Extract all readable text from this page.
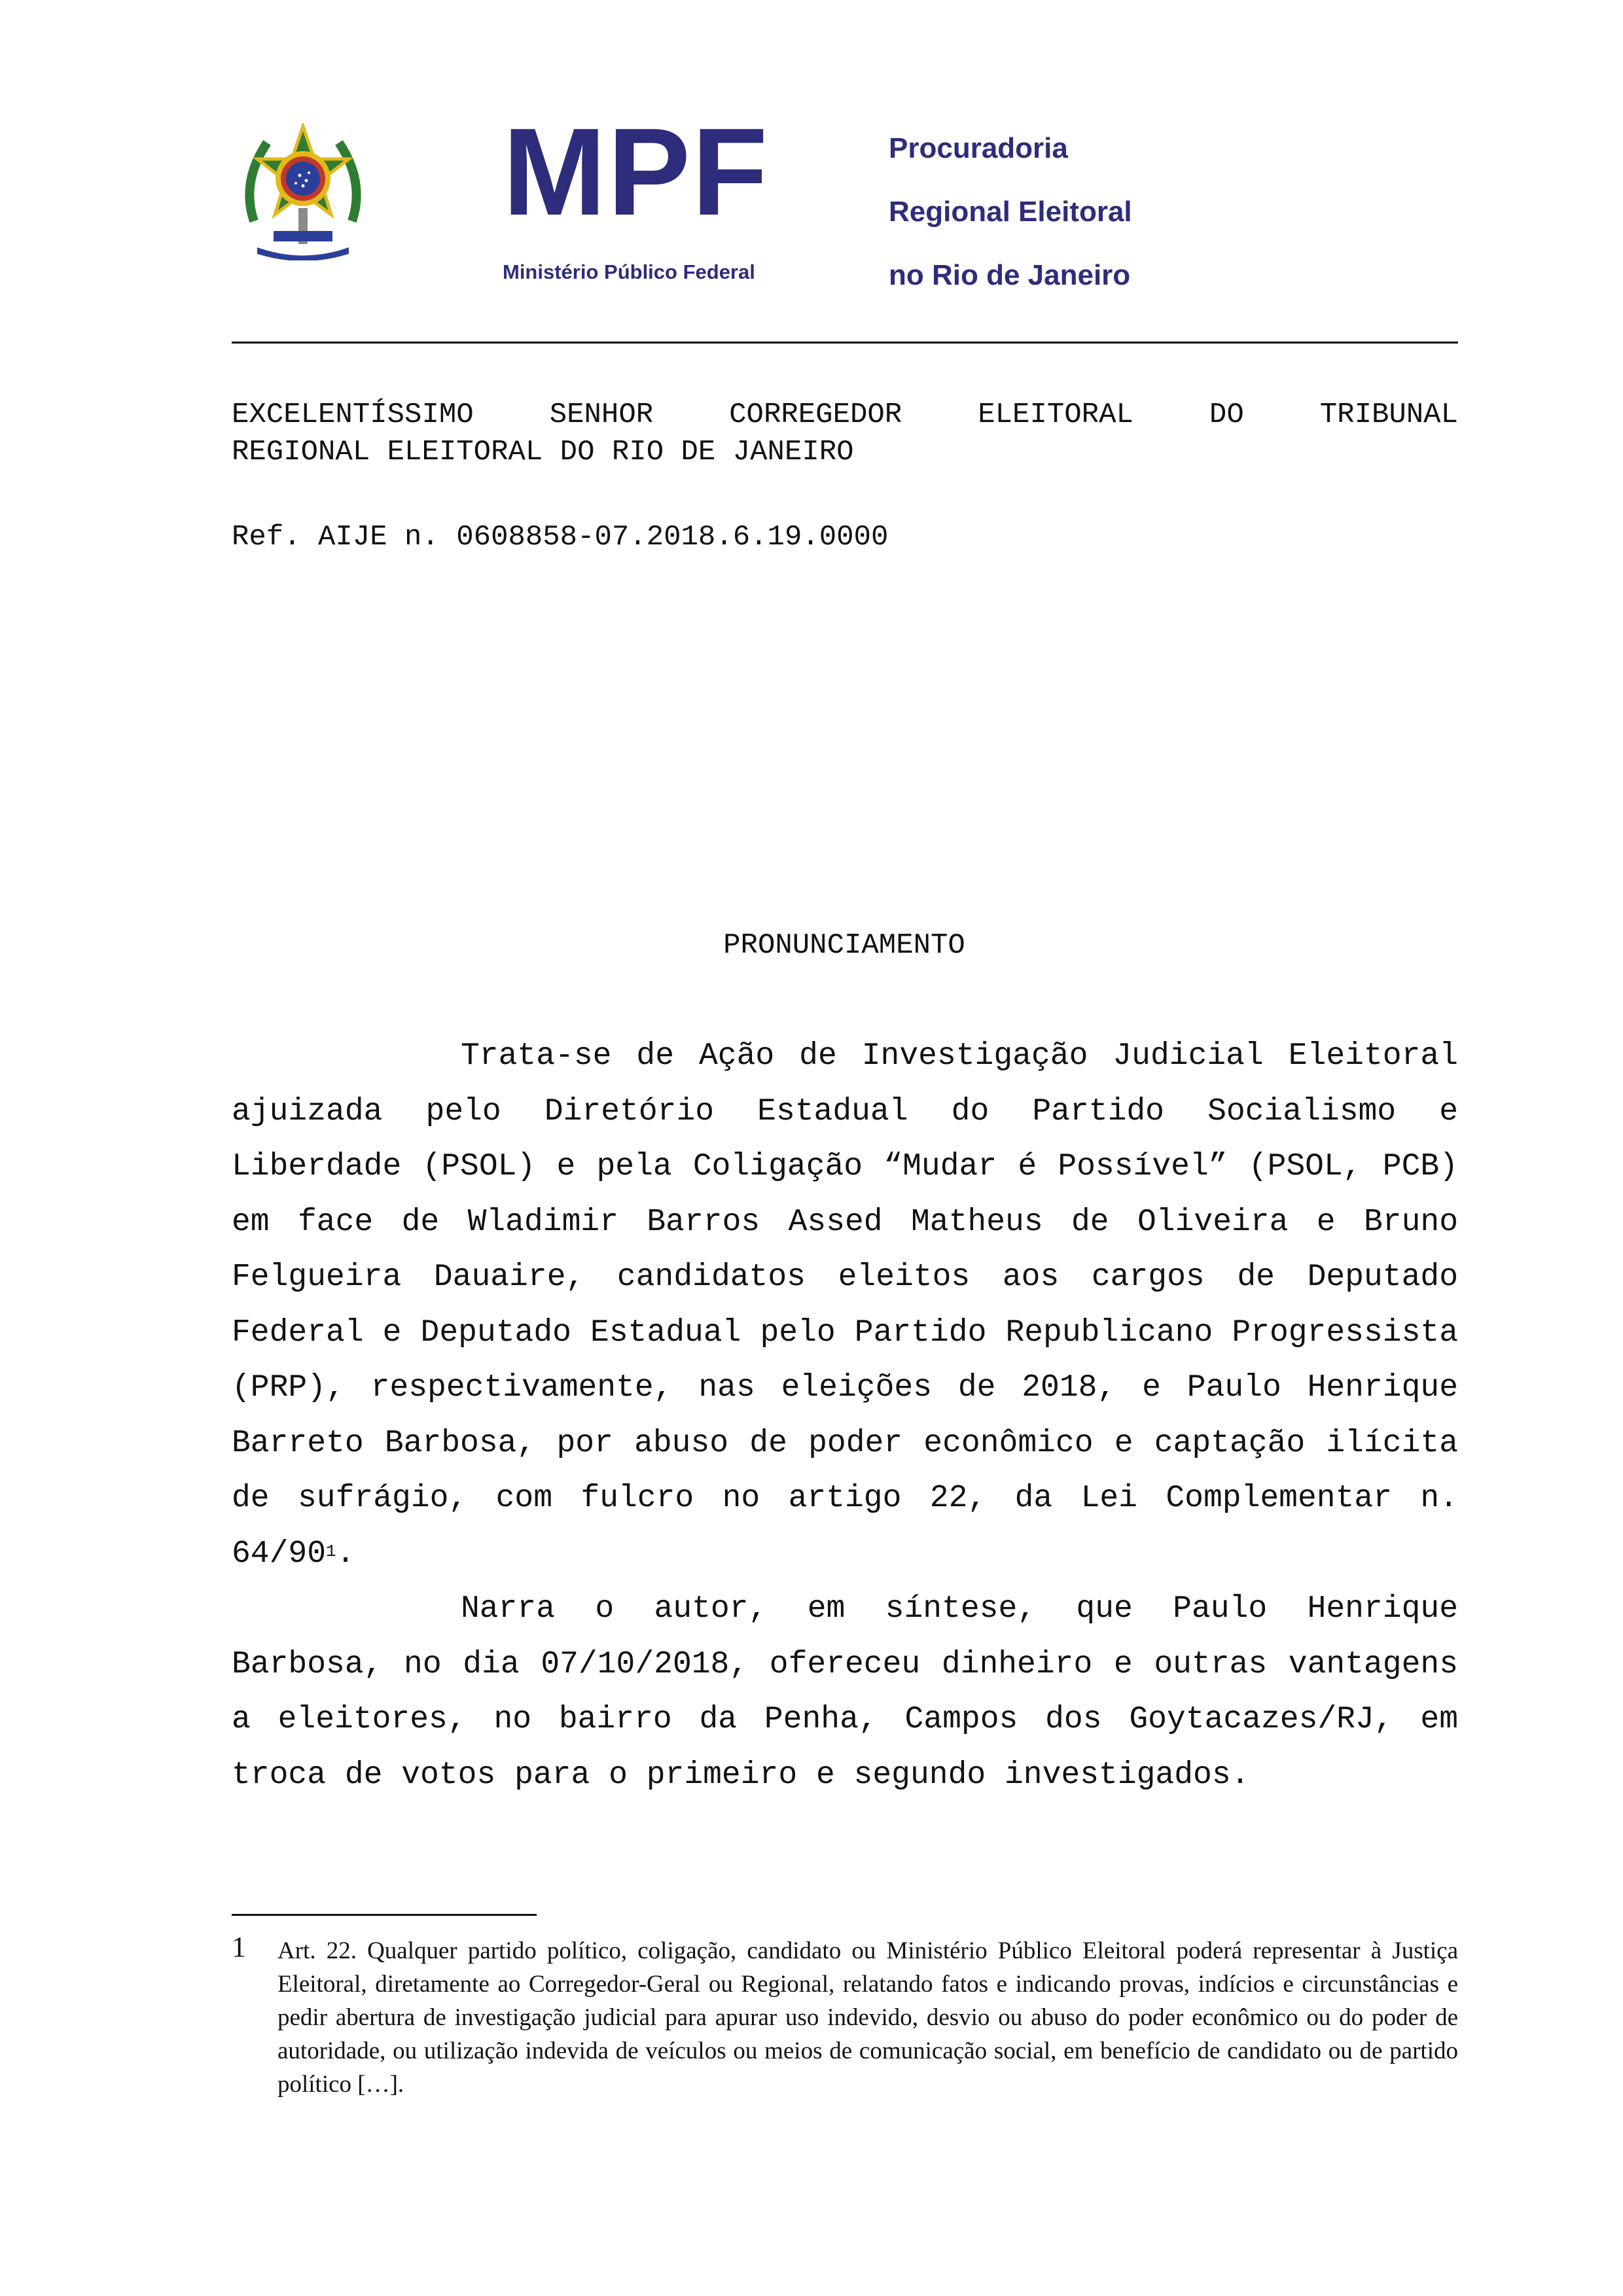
MPF
Ministério Público Federal
Procuradoria
Regional Eleitoral
no Rio de Janeiro
EXCELENTÍSSIMO SENHOR CORREGEDOR ELEITORAL DO TRIBUNAL
REGIONAL ELEITORAL DO RIO DE JANEIRO
Ref. AIJE n. 0608858-07.2018.6.19.0000
PRONUNCIAMENTO

Trata-se de Ação de Investigação Judicial Eleitoral ajuizada pelo Diretório Estadual do Partido Socialismo e Liberdade (PSOL) e pela Coligação “Mudar é Possível” (PSOL, PCB) em face de Wladimir Barros Assed Matheus de Oliveira e Bruno Felgueira Dauaire, candidatos eleitos aos cargos de Deputado Federal e Deputado Estadual pelo Partido Republicano Progressista (PRP), respectivamente, nas eleições de 2018, e Paulo Henrique Barreto Barbosa, por abuso de poder econômico e captação ilícita de sufrágio, com fulcro no artigo 22, da Lei Complementar n. 64/90$^1$.

Narra o autor, em síntese, que Paulo Henrique Barbosa, no dia 07/10/2018, ofereceu dinheiro e outras vantagens a eleitores, no bairro da Penha, Campos dos Goytacazes/RJ, em troca de votos para o primeiro e segundo investigados.

1 Art. 22. Qualquer partido político, coligação, candidato ou Ministério Público Eleitoral poderá representar à Justiça Eleitoral, diretamente ao Corregedor-Geral ou Regional, relatando fatos e indicando provas, indícios e circunstâncias e pedir abertura de investigação judicial para apurar uso indevido, desvio ou abuso do poder econômico ou do poder de autoridade, ou utilização indevida de veículos ou meios de comunicação social, em benefício de candidato ou de partido político […].
